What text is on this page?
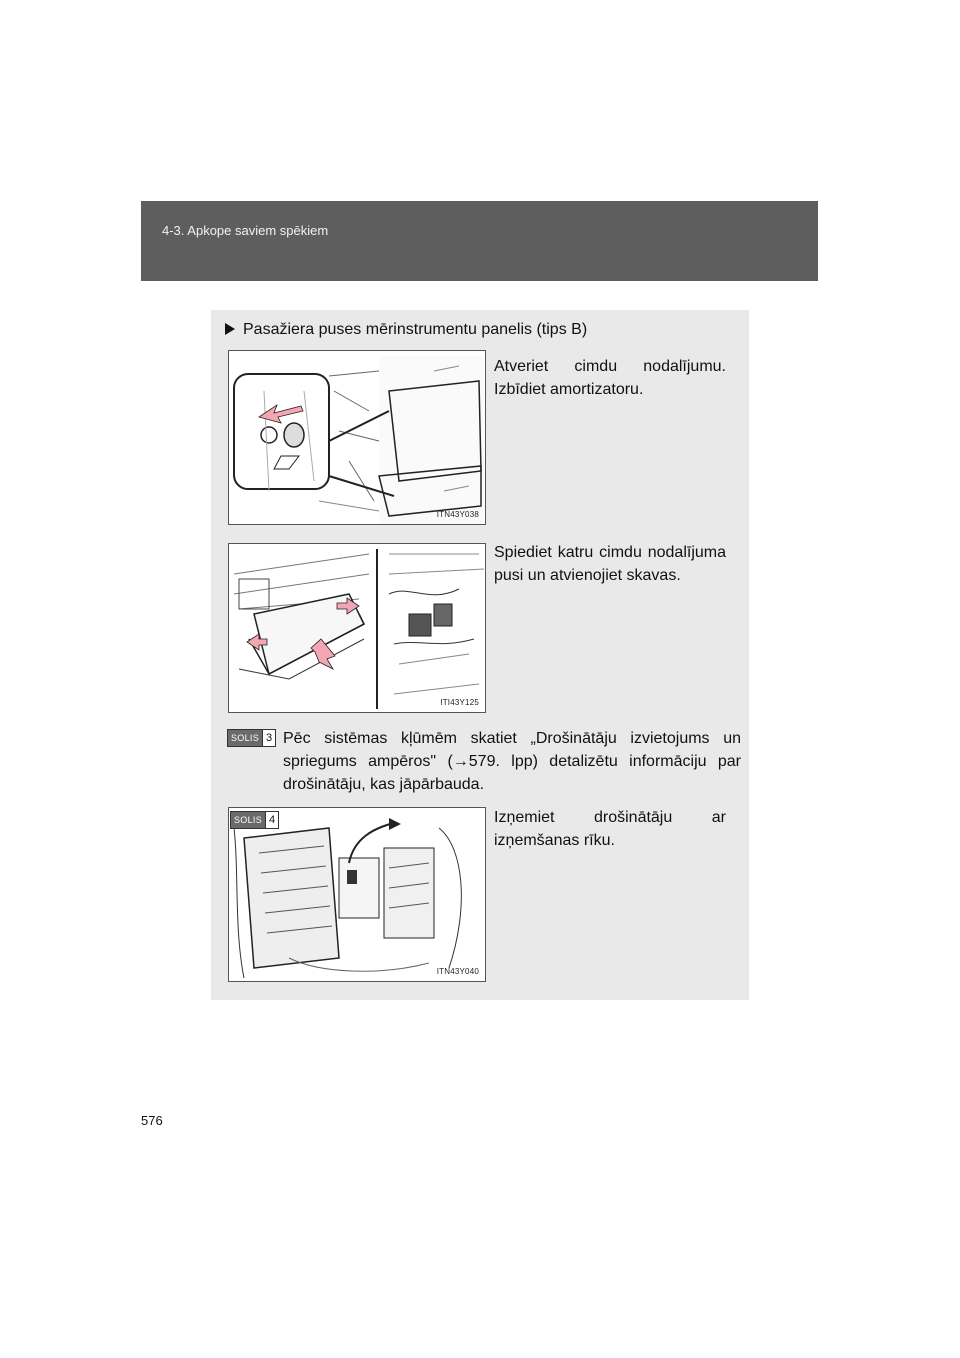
4-3. Apkope saviem spēkiem
Pasažiera puses mērinstrumentu panelis (tips B)
ITN43Y038
Atveriet cimdu nodalījumu. Izbīdiet amortizatoru.
ITI43Y125
Spiediet katru cimdu nodalījuma pusi un atvienojiet skavas.
SOLIS 3 Pēc sistēmas kļūmēm skatiet „Drošinātāju izvietojums un spriegums ampēros" (→579. lpp) detalizētu informāciju par drošinātāju, kas jāpārbauda.
SOLIS 4
ITN43Y040
Izņemiet drošinātāju ar izņemšanas rīku.
576
